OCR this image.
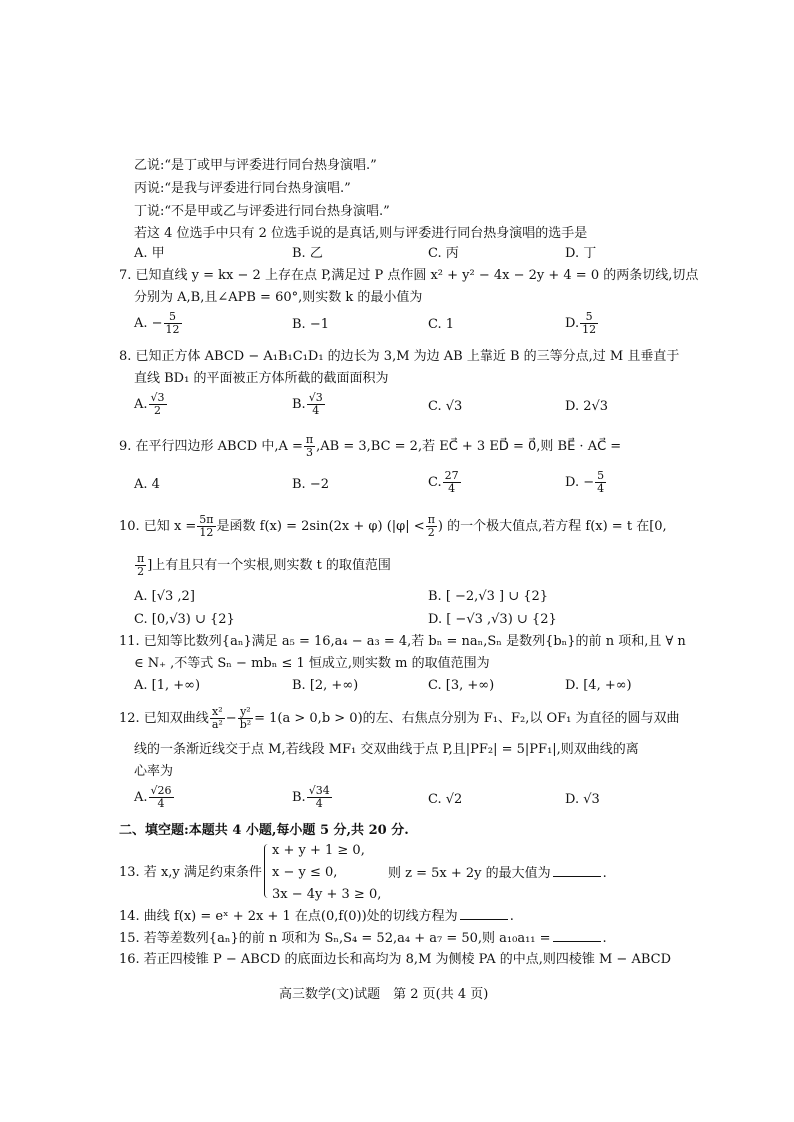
乙说:“是丁或甲与评委进行同台热身演唱.”
丙说:“是我与评委进行同台热身演唱.”
丁说:“不是甲或乙与评委进行同台热身演唱.”
若这 4 位选手中只有 2 位选手说的是真话,则与评委进行同台热身演唱的选手是
A. 甲	B. 乙	C. 丙	D. 丁
7. 已知直线 y = kx − 2 上存在点 P,满足过 P 点作圆 x² + y² − 4x − 2y + 4 = 0 的两条切线,切点
分别为 A,B,且∠APB = 60°,则实数 k 的最小值为
A. − $\frac{5}{12}$	B. −1	C. 1	D. $\frac{5}{12}$
8. 已知正方体 ABCD − A₁B₁C₁D₁ 的边长为 3,M 为边 AB 上靠近 B 的三等分点,过 M 且垂直于
直线 BD₁ 的平面被正方体所截的截面面积为
A. $\frac{√3}{2}$	B. $\frac{√3}{4}$	C. √3	D. 2√3
9. 在平行四边形 ABCD 中$,A = \frac{\pi}{3} ,AB = 3,BC = 2$,若 EC⃗ + 3 ED⃗ = 0⃗,则 BE⃗ · AC⃗ =
A. 4	B. −2	C. $\frac{27}{4}$	D. − $\frac{5}{4}$
10. 已知 $x = \frac{5\pi}{12}$ 是函数 f(x) = 2sin(2x + φ) ($|\varphi| < \frac{\pi}{2}$ ) 的一个极大值点,若方程 f(x) = t 在[0,
$\frac{\pi}{2}$ ]上有且只有一个实根,则实数 t 的取值范围
A. [√3 ,2]	B. [ −2,√3 ] ∪ {2}
C. [0,√3) ∪ {2}	D. [ −√3 ,√3) ∪ {2}
11. 已知等比数列{aₙ}满足 a₅ = 16,a₄ − a₃ = 4,若 bₙ = naₙ,Sₙ 是数列{bₙ}的前 n 项和,且 ∀ n
∈ N₊ ,不等式 Sₙ − mbₙ ≤ 1 恒成立,则实数 m 的取值范围为
A. [1, +∞)	B. [2, +∞)	C. [3, +∞)	D. [4, +∞)
12. 已知双曲线 $\frac{\text{x²}}{\text{a²}} - \frac{\text{y²}}{\text{b²}} = 1(a > 0,b > 0)$的左、右焦点分别为 F₁、F₂,以 OF₁ 为直径的圆与双曲
线的一条渐近线交于点 M,若线段 MF₁ 交双曲线于点 P,且|PF₂| = 5|PF₁|,则双曲线的离
心率为
A. $\frac{√26}{4}$	B. $\frac{√34}{4}$	C. √2	D. √3
二、填空题:本题共 4 小题,每小题 5 分,共 20 分.
13. 若 x,y 满足约束条件
x + y + 1 ≥ 0,
x − y ≤ 0,
3x − 4y + 3 ≥ 0,
则 z = 5x + 2y 的最大值为	.
14. 曲线 f(x) = eˣ + 2x + 1 在点(0,f(0))处的切线方程为	.
15. 若等差数列{aₙ}的前 n 项和为 Sₙ,S₄ = 52,a₄ + a₇ = 50,则 a₁₀a₁₁ =	.
16. 若正四棱锥 P − ABCD 的底面边长和高均为 8,M 为侧棱 PA 的中点,则四棱锥 M − ABCD
高三数学(文)试题　第 2 页(共 4 页)
